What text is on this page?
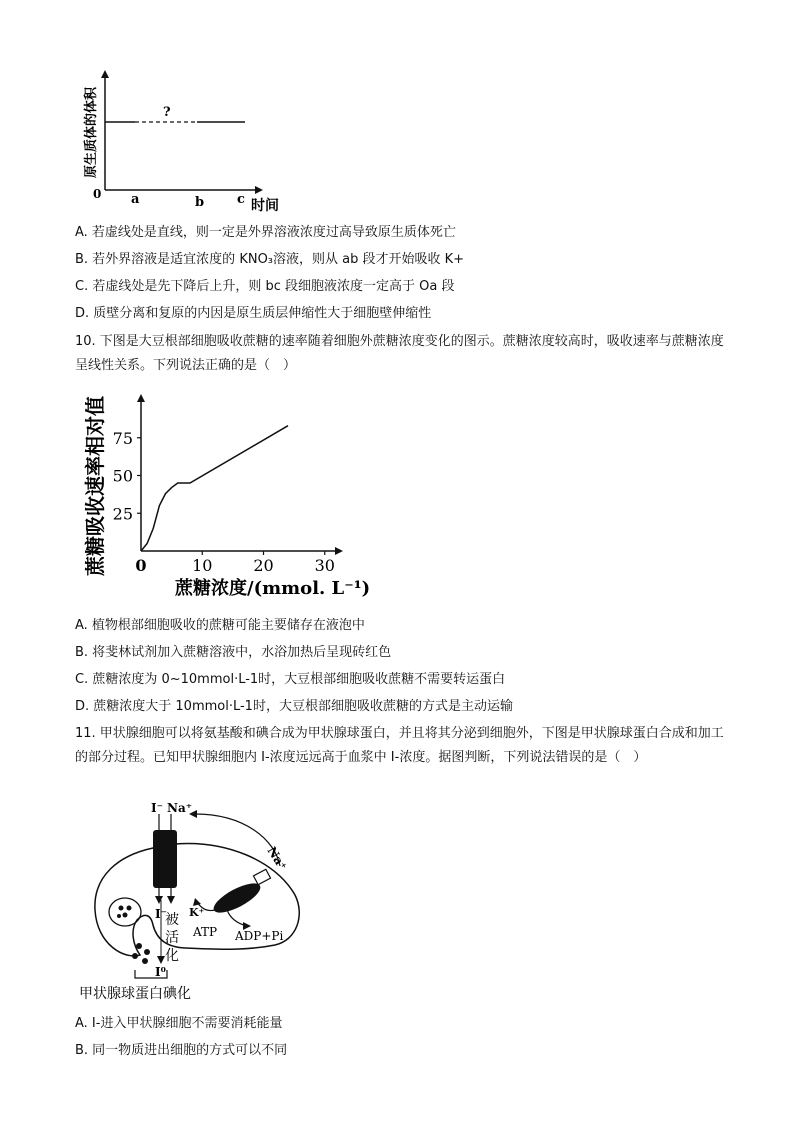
?
0 a	b	c 时间
原生质体的体积
A. 若虚线处是直线，则一定是外界溶液浓度过高导致原生质体死亡
B. 若外界溶液是适宜浓度的 KNO₃溶液，则从 ab 段才开始吸收 K+
C. 若虚线处是先下降后上升，则 bc 段细胞液浓度一定高于 Oa 段
D. 质壁分离和复原的内因是原生质层伸缩性大于细胞壁伸缩性
10. 下图是大豆根部细胞吸收蔗糖的速率随着细胞外蔗糖浓度变化的图示。蔗糖浓度较高时，吸收速率与蔗糖浓度呈线性关系。下列说法正确的是（　）
蔗糖吸收速率相对值 25
50
75
0	10	20	30
蔗糖浓度/(mmol. L⁻¹)
A. 植物根部细胞吸收的蔗糖可能主要储存在液泡中
B. 将斐林试剂加入蔗糖溶液中，水浴加热后呈现砖红色
C. 蔗糖浓度为 0~10mmol·L-1时，大豆根部细胞吸收蔗糖不需要转运蛋白
D. 蔗糖浓度大于 10mmol·L-1时，大豆根部细胞吸收蔗糖的方式是主动运输
11. 甲状腺细胞可以将氨基酸和碘合成为甲状腺球蛋白，并且将其分泌到细胞外，下图是甲状腺球蛋白合成和加工的部分过程。已知甲状腺细胞内 I-浓度远远高于血浆中 I-浓度。据图判断，下列说法错误的是（　）
I⁻ Na⁺
I⁻
被
活
化
I⁰
Na⁺
K⁺
ATP ADP+Pi
甲状腺球蛋白碘化
A. I-进入甲状腺细胞不需要消耗能量
B. 同一物质进出细胞的方式可以不同
